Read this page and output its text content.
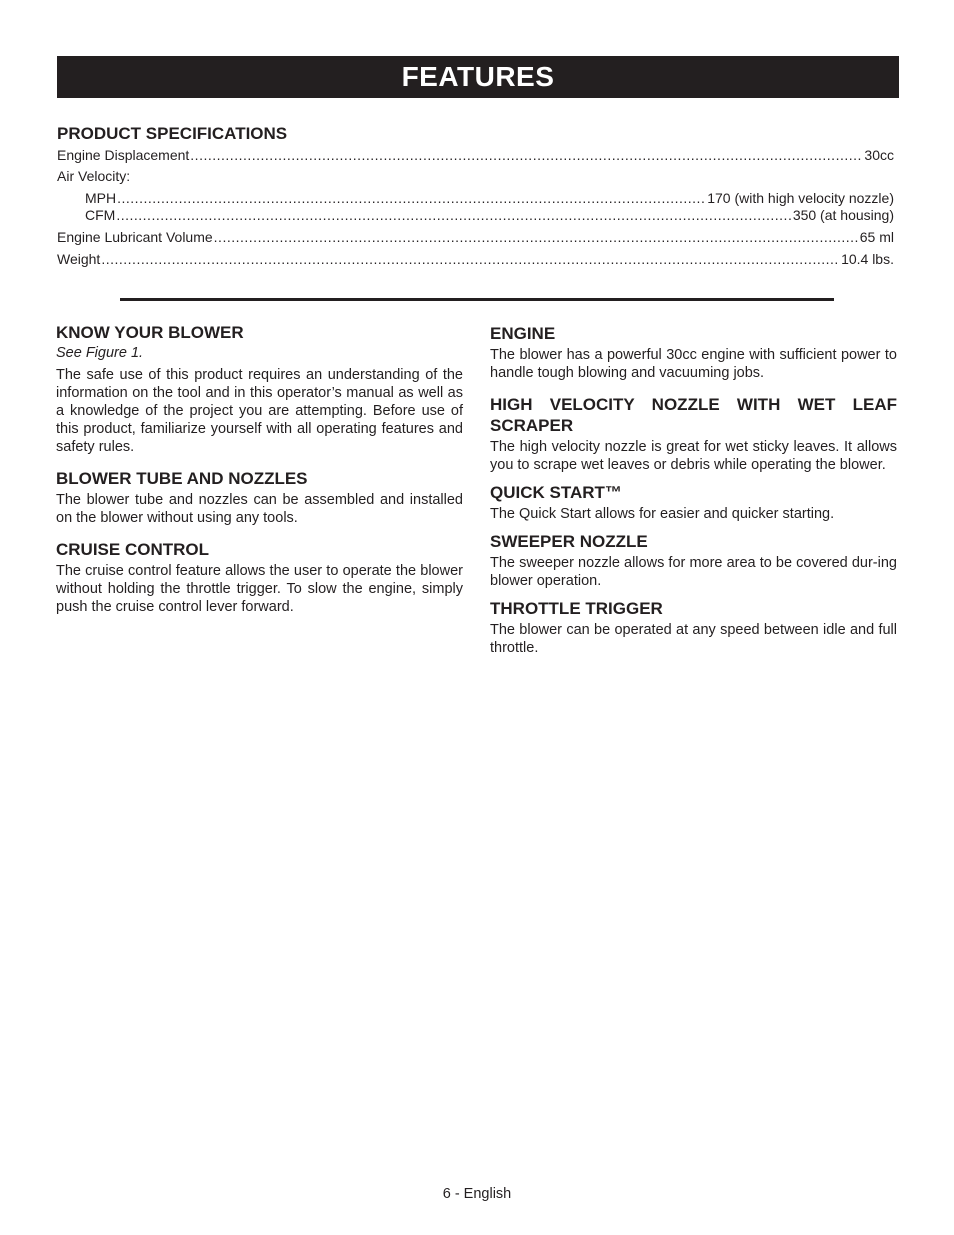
FEATURES
PRODUCT SPECIFICATIONS
Engine Displacement .....	30cc
Air Velocity:
MPH .....	170 (with high velocity nozzle)
CFM .....	350 (at housing)
Engine Lubricant Volume .....	65 ml
Weight .....	10.4 lbs.
KNOW YOUR BLOWER
See Figure 1.
The safe use of this product requires an understanding of the information on the tool and in this operator’s manual as well as a knowledge of the project you are attempting. Before use of this product, familiarize yourself with all operating features and safety rules.
BLOWER TUBE AND NOZZLES
The blower tube and nozzles can be assembled and installed on the blower without using any tools.
CRUISE CONTROL
The cruise control feature allows the user to operate the blower without holding the throttle trigger. To slow the engine, simply push the cruise control lever forward.
ENGINE
The blower has a powerful 30cc engine with sufficient power to handle tough blowing and vacuuming jobs.
HIGH VELOCITY NOZZLE WITH WET LEAF SCRAPER
The high velocity nozzle is great for wet sticky leaves. It allows you to scrape wet leaves or debris while operating the blower.
QUICK START™
The Quick Start allows for easier and quicker starting.
SWEEPER NOZZLE
The sweeper nozzle allows for more area to be covered dur-ing blower operation.
THROTTLE TRIGGER
The blower can be operated at any speed between idle and full throttle.
6 - English
